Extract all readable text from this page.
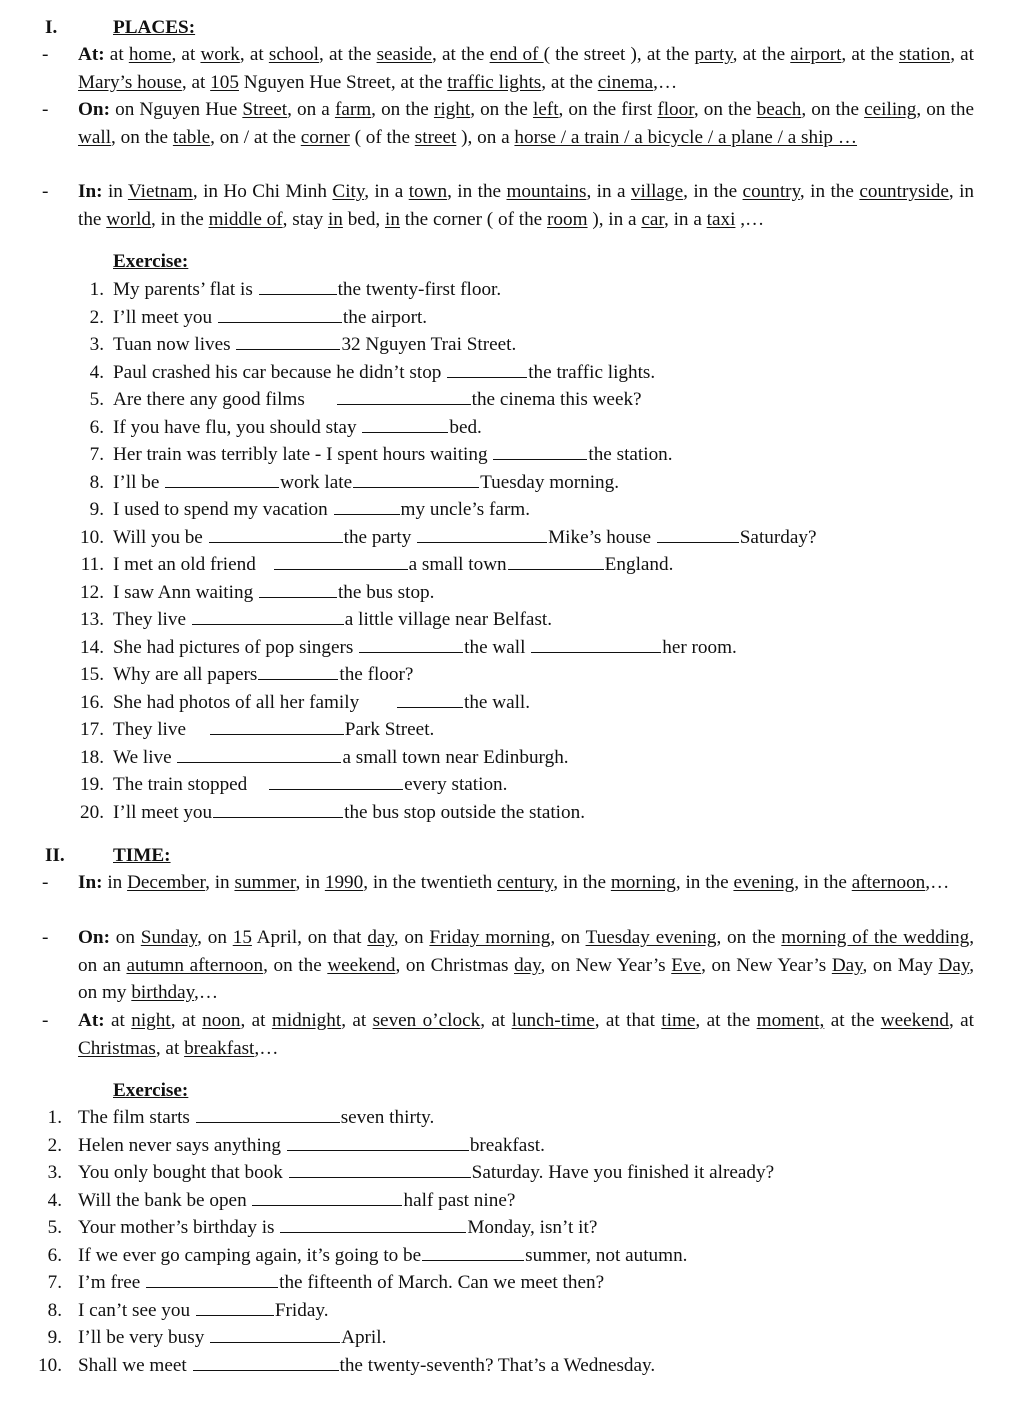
I.	PLACES:
- At: at home, at work, at school, at the seaside, at the end of ( the street ), at the party, at the airport, at the station, at Mary’s house, at 105 Nguyen Hue Street, at the traffic lights, at the cinema,…
- On: on Nguyen Hue Street, on a farm, on the right, on the left, on the first floor, on the beach, on the ceiling, on the wall, on the table, on / at the corner ( of the street ), on a horse / a train / a bicycle / a plane / a ship …
- In: in Vietnam, in Ho Chi Minh City, in a town, in the mountains, in a village, in the country, in the countryside, in the world, in the middle of, stay in bed, in the corner ( of the room ), in a car, in a taxi ,…
Exercise:
1. My parents’ flat is	the twenty-first floor.
2. I’ll meet you	the airport.
3. Tuan now lives	32 Nguyen Trai Street.
4. Paul crashed his car because he didn’t stop	the traffic lights.
5. Are there any good films	the cinema this week?
6. If you have flu, you should stay	bed.
7. Her train was terribly late - I spent hours waiting	the station.
8. I’ll be	work late	Tuesday morning.
9. I used to spend my vacation	my uncle’s farm.
10. Will you be	the party	Mike’s house	Saturday?
11. I met an old friend	a small town	England.
12. I saw Ann waiting	the bus stop.
13. They live	a little village near Belfast.
14. She had pictures of pop singers	the wall	her room.
15. Why are all papers	the floor?
16. She had photos of all her family	the wall.
17. They live	Park Street.
18. We live	a small town near Edinburgh.
19. The train stopped	every station.
20. I’ll meet you	the bus stop outside the station.
II.	TIME:
- In: in December, in summer, in 1990, in the twentieth century, in the morning, in the evening, in the afternoon,…
- On: on Sunday, on 15 April, on that day, on Friday morning, on Tuesday evening, on the morning of the wedding, on an autumn afternoon, on the weekend, on Christmas day, on New Year’s Eve, on New Year’s Day, on May Day, on my birthday,…
- At: at night, at noon, at midnight, at seven o’clock, at lunch-time, at that time, at the moment, at the weekend, at Christmas, at breakfast,…
Exercise:
1. The film starts	seven thirty.
2. Helen never says anything	breakfast.
3. You only bought that book	Saturday. Have you finished it already?
4. Will the bank be open	half past nine?
5. Your mother’s birthday is	Monday, isn’t it?
6. If we ever go camping again, it’s going to be	summer, not autumn.
7. I’m free	the fifteenth of March. Can we meet then?
8. I can’t see you	Friday.
9. I’ll be very busy	April.
10. Shall we meet	the twenty-seventh? That’s a Wednesday.
